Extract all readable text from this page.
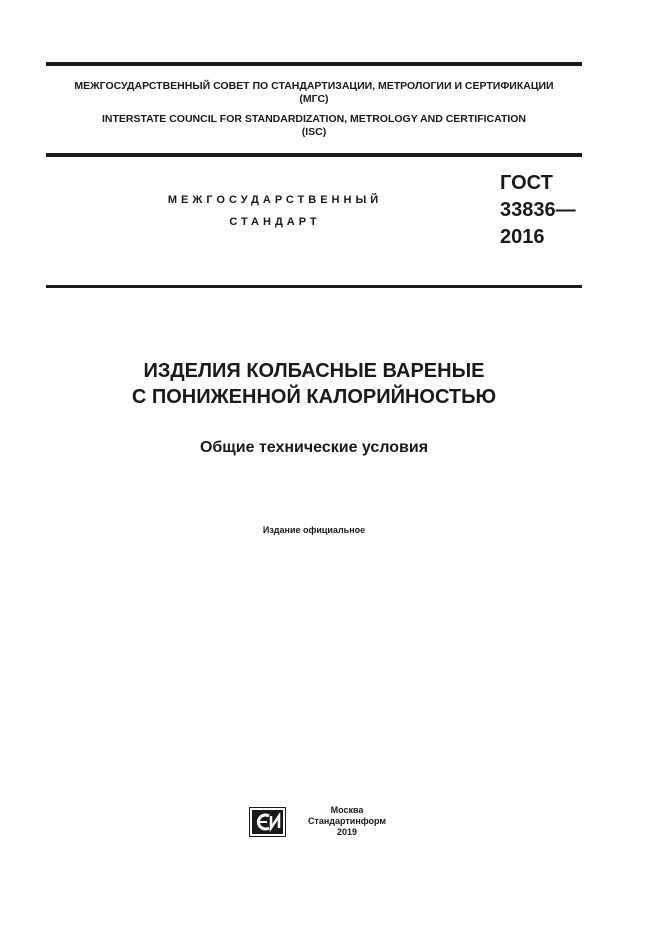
МЕЖГОСУДАРСТВЕННЫЙ СОВЕТ ПО СТАНДАРТИЗАЦИИ, МЕТРОЛОГИИ И СЕРТИФИКАЦИИ
(МГС)
INTERSTATE COUNCIL FOR STANDARDIZATION, METROLOGY AND CERTIFICATION
(ISC)
МЕЖГОСУДАРСТВЕННЫЙ
СТАНДАРТ
ГОСТ
33836—
2016
ИЗДЕЛИЯ КОЛБАСНЫЕ ВАРЕНЫЕ
С ПОНИЖЕННОЙ КАЛОРИЙНОСТЬЮ
Общие технические условия
Издание официальное
Москва
Стандартинформ
2019
